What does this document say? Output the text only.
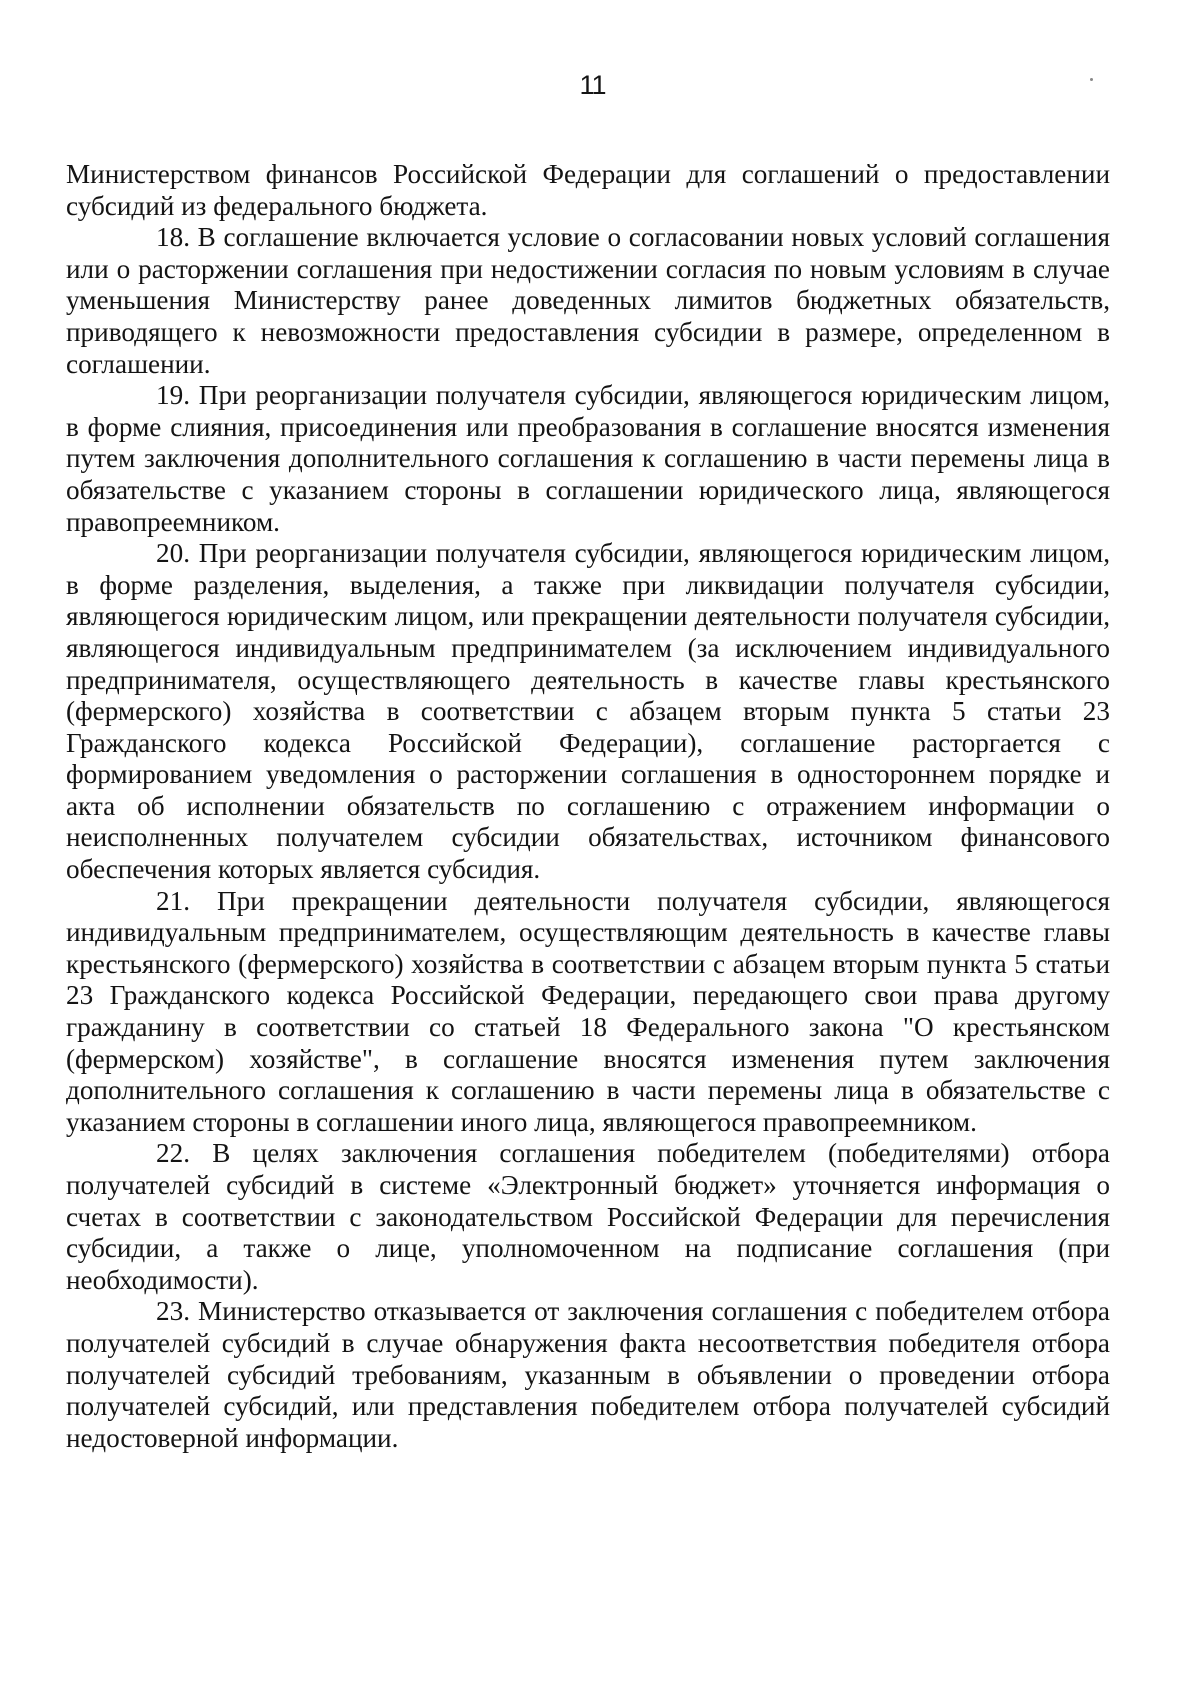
11

Министерством финансов Российской Федерации для соглашений о предоставлении субсидий из федерального бюджета.

18. В соглашение включается условие о согласовании новых условий соглашения или о расторжении соглашения при недостижении согласия по новым условиям в случае уменьшения Министерству ранее доведенных лимитов бюджетных обязательств, приводящего к невозможности предоставления субсидии в размере, определенном в соглашении.

19. При реорганизации получателя субсидии, являющегося юридическим лицом, в форме слияния, присоединения или преобразования в соглашение вносятся изменения путем заключения дополнительного соглашения к соглашению в части перемены лица в обязательстве с указанием стороны в соглашении юридического лица, являющегося правопреемником.

20. При реорганизации получателя субсидии, являющегося юридическим лицом, в форме разделения, выделения, а также при ликвидации получателя субсидии, являющегося юридическим лицом, или прекращении деятельности получателя субсидии, являющегося индивидуальным предпринимателем (за исключением индивидуального предпринимателя, осуществляющего деятельность в качестве главы крестьянского (фермерского) хозяйства в соответствии с абзацем вторым пункта 5 статьи 23 Гражданского кодекса Российской Федерации), соглашение расторгается с формированием уведомления о расторжении соглашения в одностороннем порядке и акта об исполнении обязательств по соглашению с отражением информации о неисполненных получателем субсидии обязательствах, источником финансового обеспечения которых является субсидия.

21. При прекращении деятельности получателя субсидии, являющегося индивидуальным предпринимателем, осуществляющим деятельность в качестве главы крестьянского (фермерского) хозяйства в соответствии с абзацем вторым пункта 5 статьи 23 Гражданского кодекса Российской Федерации, передающего свои права другому гражданину в соответствии со статьей 18 Федерального закона "О крестьянском (фермерском) хозяйстве", в соглашение вносятся изменения путем заключения дополнительного соглашения к соглашению в части перемены лица в обязательстве с указанием стороны в соглашении иного лица, являющегося правопреемником.

22. В целях заключения соглашения победителем (победителями) отбора получателей субсидий в системе «Электронный бюджет» уточняется информация о счетах в соответствии с законодательством Российской Федерации для перечисления субсидии, а также о лице, уполномоченном на подписание соглашения (при необходимости).

23. Министерство отказывается от заключения соглашения с победителем отбора получателей субсидий в случае обнаружения факта несоответствия победителя отбора получателей субсидий требованиям, указанным в объявлении о проведении отбора получателей субсидий, или представления победителем отбора получателей субсидий недостоверной информации.
